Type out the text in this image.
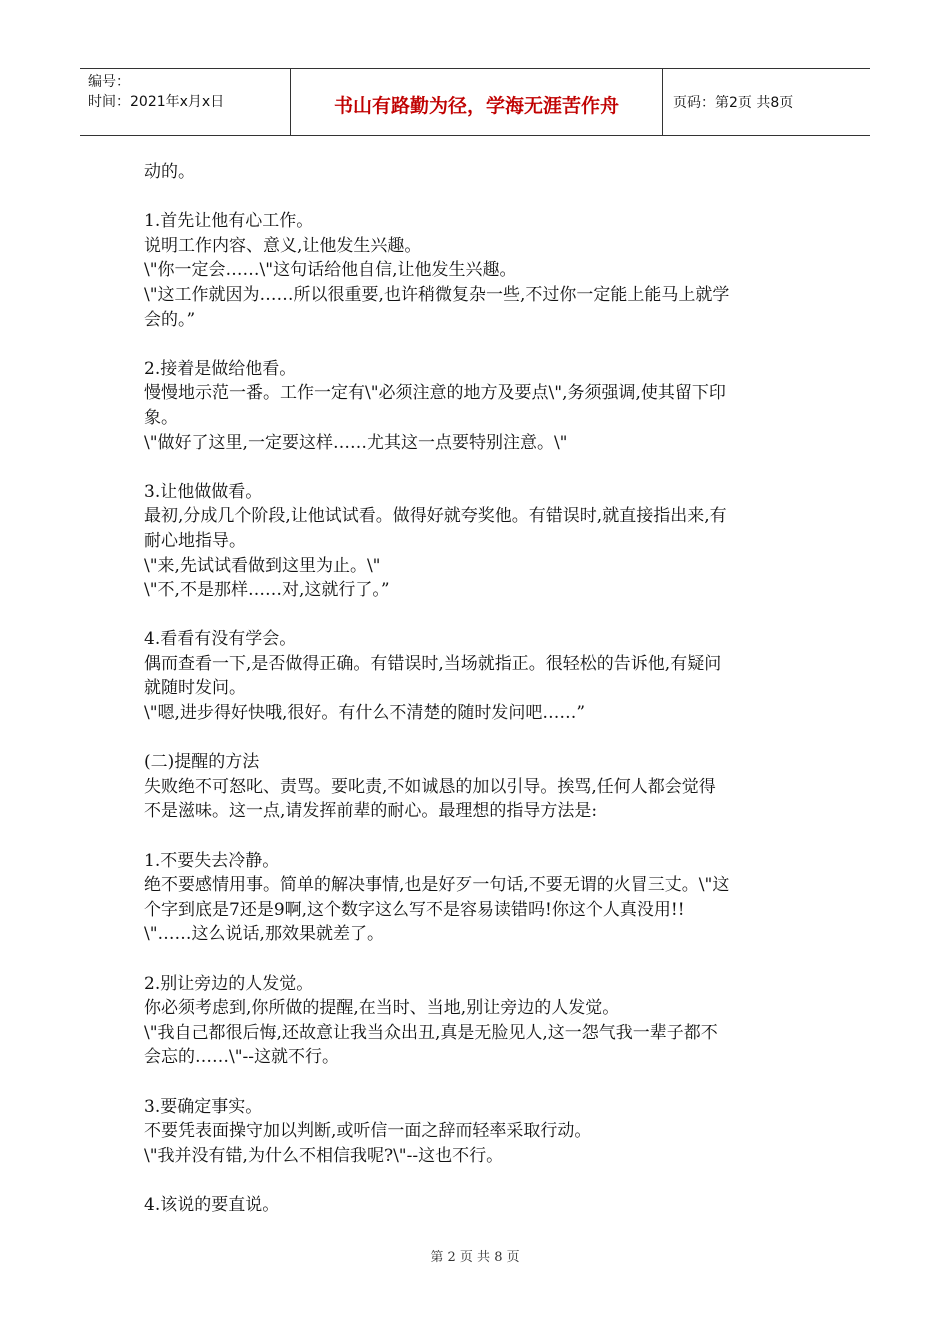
编号：
时间：2021年x月x日	书山有路勤为径，学海无涯苦作舟	页码：第2页 共8页

动的。

1.首先让他有心工作。

说明工作内容、意义,让他发生兴趣。

\"你一定会……\"这句话给他自信,让他发生兴趣。

\"这工作就因为……所以很重要,也许稍微复杂一些,不过你一定能上能马上就学

会的。”

2.接着是做给他看。

慢慢地示范一番。工作一定有\"必须注意的地方及要点\",务须强调,使其留下印

象。

\"做好了这里,一定要这样……尤其这一点要特别注意。\"

3.让他做做看。

最初,分成几个阶段,让他试试看。做得好就夸奖他。有错误时,就直接指出来,有

耐心地指导。

\"来,先试试看做到这里为止。\"

\"不,不是那样……对,这就行了。”

4.看看有没有学会。

偶而查看一下,是否做得正确。有错误时,当场就指正。很轻松的告诉他,有疑问

就随时发问。

\"嗯,进步得好快哦,很好。有什么不清楚的随时发问吧……”

(二)提醒的方法

失败绝不可怒叱、责骂。要叱责,不如诚恳的加以引导。挨骂,任何人都会觉得

不是滋味。这一点,请发挥前辈的耐心。最理想的指导方法是:

1.不要失去冷静。

绝不要感情用事。简单的解决事情,也是好歹一句话,不要无谓的火冒三丈。\"这

个字到底是7还是9啊,这个数字这么写不是容易读错吗!你这个人真没用!!

\"……这么说话,那效果就差了。

2.别让旁边的人发觉。

你必须考虑到,你所做的提醒,在当时、当地,别让旁边的人发觉。

\"我自己都很后悔,还故意让我当众出丑,真是无脸见人,这一怨气我一辈子都不

会忘的……\"--这就不行。

3.要确定事实。

不要凭表面操守加以判断,或听信一面之辞而轻率采取行动。

\"我并没有错,为什么不相信我呢?\"--这也不行。

4.该说的要直说。

第 2 页 共 8 页
